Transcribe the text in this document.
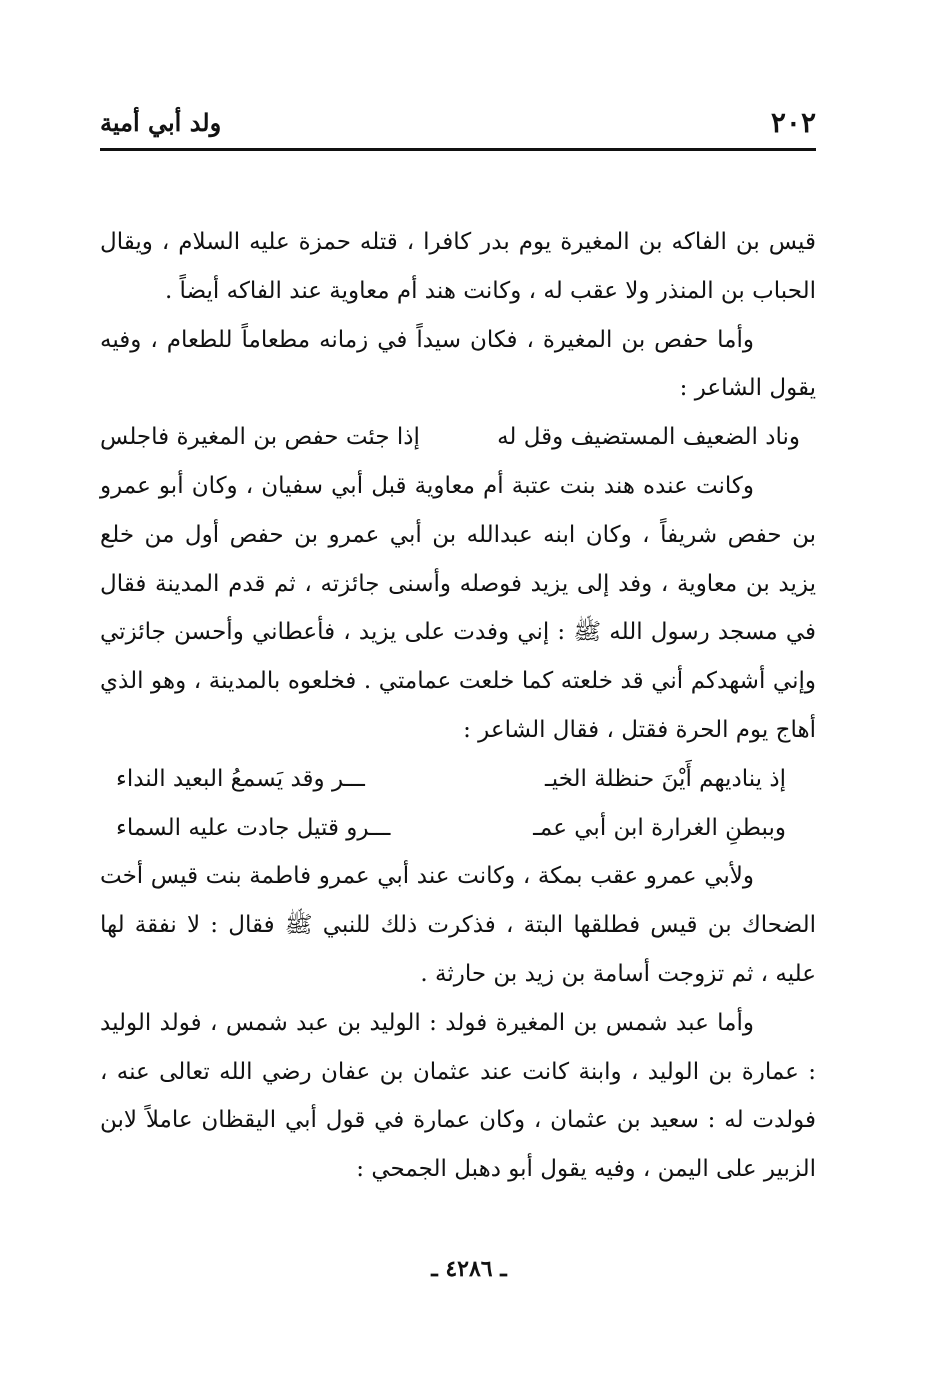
٢٠٢
ولد أبي أمية

قيس بن الفاكه بن المغيرة يوم بدر كافرا ، قتله حمزة عليه السلام ، ويقال الحباب بن المنذر ولا عقب له ، وكانت هند أم معاوية عند الفاكه أيضاً .

وأما حفص بن المغيرة ، فكان سيداً في زمانه مطعاماً للطعام ، وفيه يقول الشاعر :

وناد الضعيف المستضيف وقل له
إذا جئت حفص بن المغيرة فاجلس

وكانت عنده هند بنت عتبة أم معاوية قبل أبي سفيان ، وكان أبو عمرو بن حفص شريفاً ، وكان ابنه عبدالله بن أبي عمرو بن حفص أول من خلع يزيد بن معاوية ، وفد إلى يزيد فوصله وأسنى جائزته ، ثم قدم المدينة فقال في مسجد رسول الله ﷺ : إني وفدت على يزيد ، فأعطاني وأحسن جائزتي وإني أشهدكم أني قد خلعته كما خلعت عمامتي . فخلعوه بالمدينة ، وهو الذي أهاج يوم الحرة فقتل ، فقال الشاعر :

إذ يناديهم أَيْنَ حنظلة الخيـ
ـــر وقد يَسمعُ البعيد النداء
وببطنِ الغرارة ابن أبي عمـ
ـــرو قتيل جادت عليه السماء

ولأبي عمرو عقب بمكة ، وكانت عند أبي عمرو فاطمة بنت قيس أخت الضحاك بن قيس فطلقها البتة ، فذكرت ذلك للنبي ﷺ فقال : لا نفقة لها عليه ، ثم تزوجت أسامة بن زيد بن حارثة .

وأما عبد شمس بن المغيرة فولد : الوليد بن عبد شمس ، فولد الوليد : عمارة بن الوليد ، وابنة كانت عند عثمان بن عفان رضي الله تعالى عنه ، فولدت له : سعيد بن عثمان ، وكان عمارة في قول أبي اليقظان عاملاً لابن الزبير على اليمن ، وفيه يقول أبو دهبل الجمحي :

ـ ٤٢٨٦ ـ
